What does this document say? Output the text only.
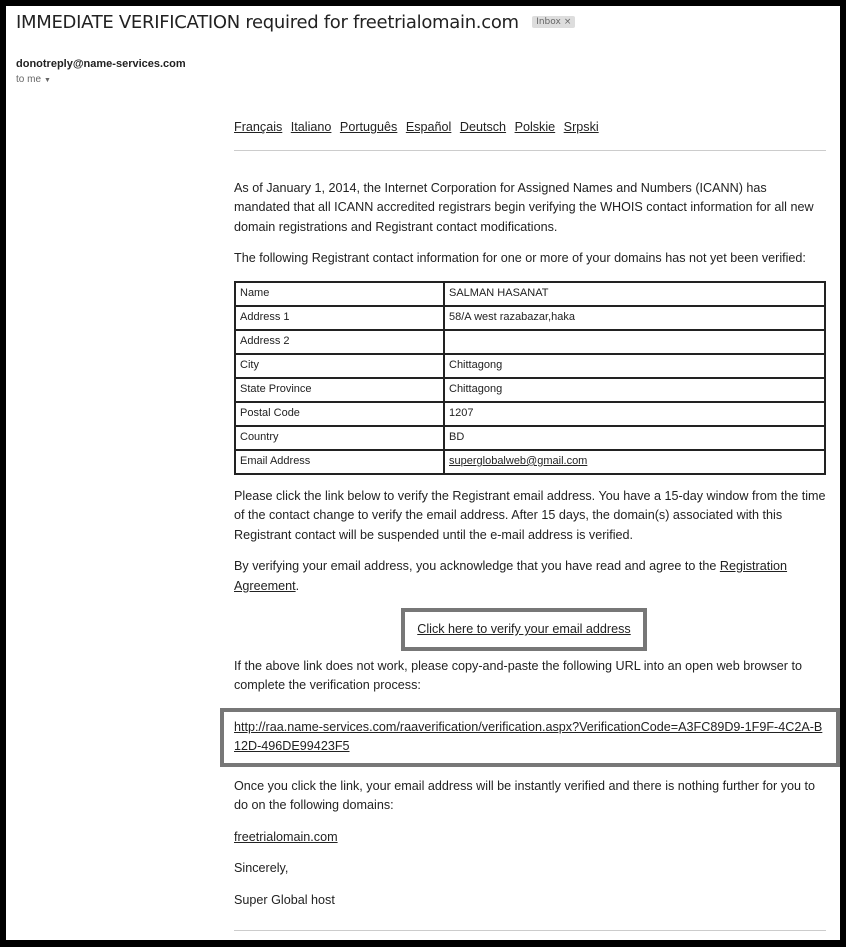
IMMEDIATE VERIFICATION required for freetrialomain.com Inbox ×
donotreply@name-services.com
to me ▼
Français Italiano Português Español Deutsch Polskie Srpski

As of January 1, 2014, the Internet Corporation for Assigned Names and Numbers (ICANN) has mandated that all ICANN accredited registrars begin verifying the WHOIS contact information for all new domain registrations and Registrant contact modifications.

The following Registrant contact information for one or more of your domains has not yet been verified:

Name	SALMAN HASANAT
Address 1	58/A west razabazar,haka
Address 2	
City	Chittagong
State Province	Chittagong
Postal Code	1207
Country	BD
Email Address	superglobalweb@gmail.com

Please click the link below to verify the Registrant email address. You have a 15-day window from the time of the contact change to verify the email address. After 15 days, the domain(s) associated with this Registrant contact will be suspended until the e-mail address is verified.

By verifying your email address, you acknowledge that you have read and agree to the Registration Agreement.

Click here to verify your email address

If the above link does not work, please copy-and-paste the following URL into an open web browser to complete the verification process:

http://raa.name-services.com/raaverification/verification.aspx?VerificationCode=A3FC89D9-1F9F-4C2A-B12D-496DE99423F5

Once you click the link, your email address will be instantly verified and there is nothing further for you to do on the following domains:

freetrialomain.com

Sincerely,

Super Global host
